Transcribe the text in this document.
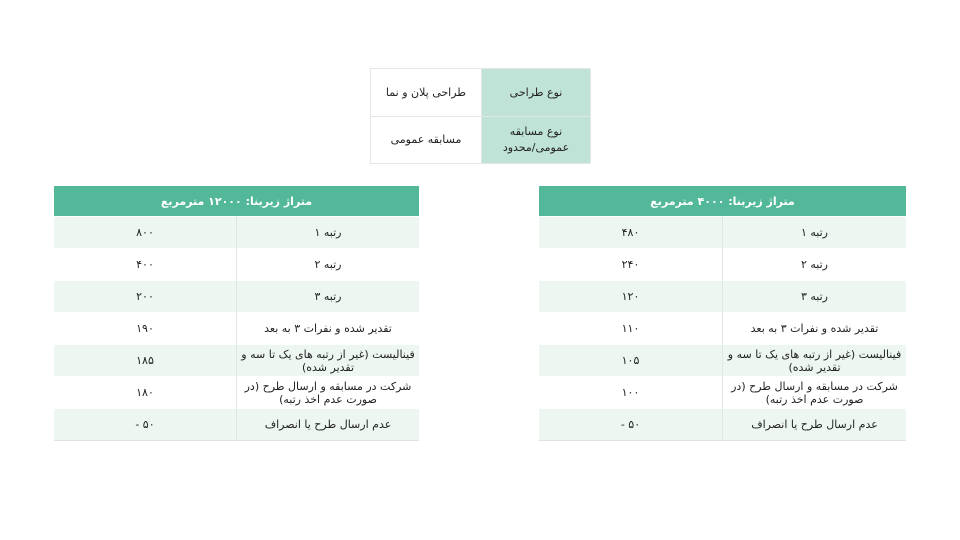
طراحی پلان و نما	نوع طراحی
مسابقه عمومی	نوع مسابقه عمومی/محدود
متراژ زیربنا: ۱۲۰۰۰ مترمربع	
۸۰۰	رتبه ۱
۴۰۰	رتبه ۲
۲۰۰	رتبه ۳
۱۹۰	تقدیر شده و نفرات ۳ به بعد
۱۸۵	فینالیست (غیر از رتبه های یک تا سه و تقدیر شده)
۱۸۰	شرکت در مسابقه و ارسال طرح (در صورت عدم اخذ رتبه)
- ۵۰	عدم ارسال طرح یا انصراف
متراژ زیربنا: ۴۰۰۰ مترمربع	
۴۸۰	رتبه ۱
۲۴۰	رتبه ۲
۱۲۰	رتبه ۳
۱۱۰	تقدیر شده و نفرات ۳ به بعد
۱۰۵	فینالیست (غیر از رتبه های یک تا سه و تقدیر شده)
۱۰۰	شرکت در مسابقه و ارسال طرح (در صورت عدم اخذ رتبه)
- ۵۰	عدم ارسال طرح یا انصراف
